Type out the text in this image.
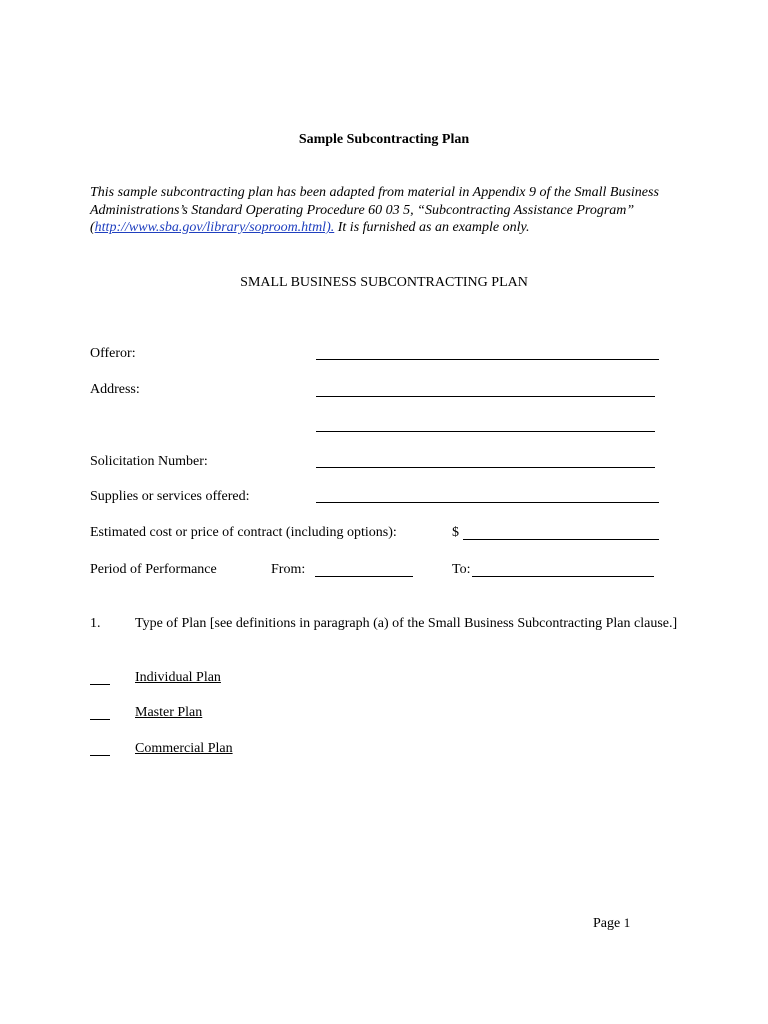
Sample Subcontracting Plan
This sample subcontracting plan has been adapted from material in Appendix 9 of the Small Business Administrations’s Standard Operating Procedure 60 03 5, “Subcontracting Assistance Program” (http://www.sba.gov/library/soproom.html). It is furnished as an example only.
SMALL BUSINESS SUBCONTRACTING PLAN
Offeror:
Address:
Solicitation Number:
Supplies or services offered:
Estimated cost or price of contract (including options):	$
Period of Performance	From:	To:
1. Type of Plan [see definitions in paragraph (a) of the Small Business Subcontracting Plan clause.]
Individual Plan
Master Plan
Commercial Plan
Page 1
